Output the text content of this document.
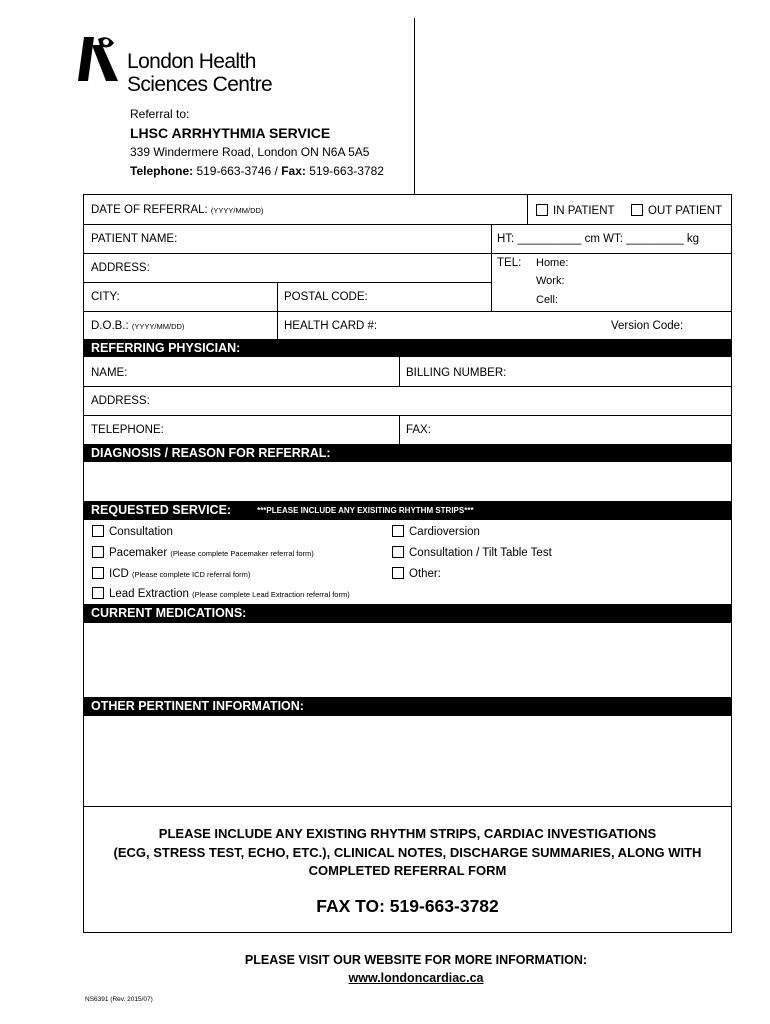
London Health
Sciences Centre
Referral to:
LHSC ARRHYTHMIA SERVICE
339 Windermere Road, London ON N6A 5A5
Telephone: 519-663-3746 / Fax: 519-663-3782
DATE OF REFERRAL: (YYYY/MM/DD)	IN PATIENT	OUT PATIENT
PATIENT NAME:	HT: __________ cm WT: _________ kg
ADDRESS:	TEL: Home:
Work:
Cell:
CITY:	POSTAL CODE:
D.O.B.: (YYYY/MM/DD)	HEALTH CARD #:	Version Code:
REFERRING PHYSICIAN:
NAME:	BILLING NUMBER:
ADDRESS:
TELEPHONE:	FAX:
DIAGNOSIS / REASON FOR REFERRAL:
REQUESTED SERVICE:	***PLEASE INCLUDE ANY EXISITING RHYTHM STRIPS***
Consultation
Pacemaker (Please complete Pacemaker referral form)
ICD (Please complete ICD referral form)
Lead Extraction (Please complete Lead Extraction referral form)
Cardioversion
Consultation / Tilt Table Test
Other:
CURRENT MEDICATIONS:
OTHER PERTINENT INFORMATION:
PLEASE INCLUDE ANY EXISTING RHYTHM STRIPS, CARDIAC INVESTIGATIONS
(ECG, STRESS TEST, ECHO, ETC.), CLINICAL NOTES, DISCHARGE SUMMARIES, ALONG WITH
COMPLETED REFERRAL FORM
FAX TO: 519-663-3782
PLEASE VISIT OUR WEBSITE FOR MORE INFORMATION:
www.londoncardiac.ca
NS6391 (Rev. 2015/07)
